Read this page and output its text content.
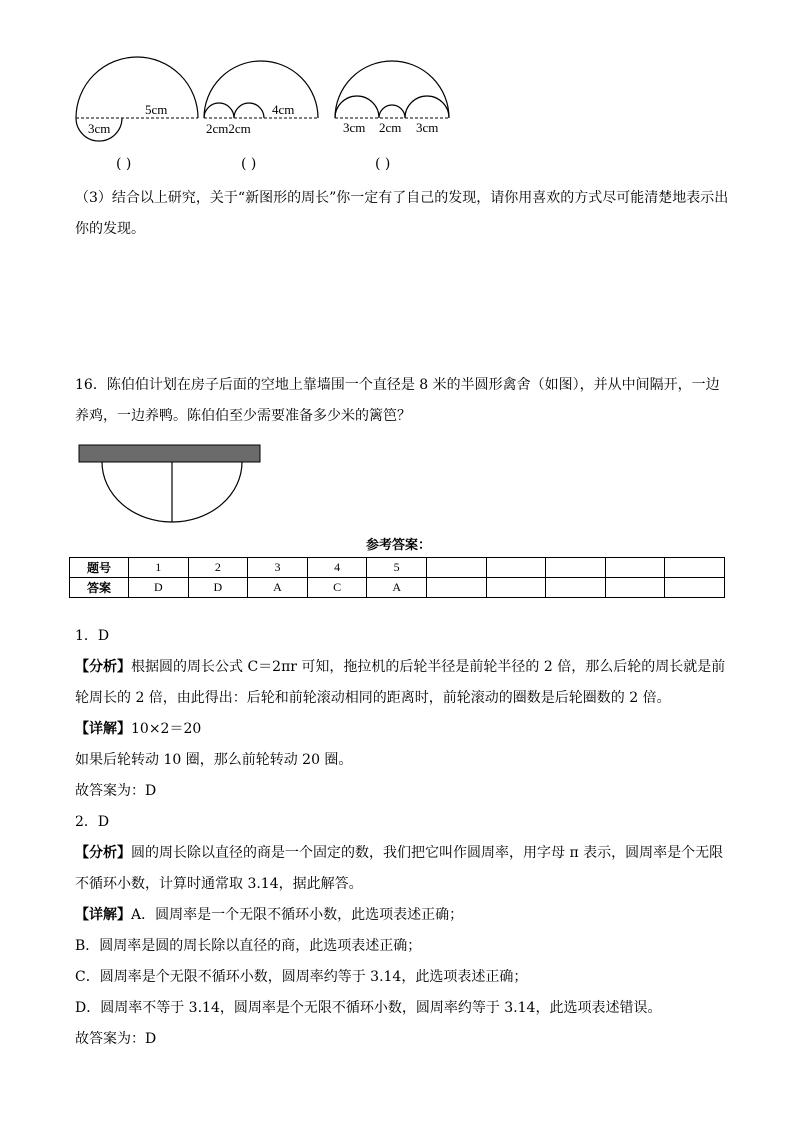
5cm
3cm
4cm
2cm2cm	3cm 2cm 3cm
( )	( )	( )
（3）结合以上研究，关于“新图形的周长”你一定有了自己的发现，请你用喜欢的方式尽可能清楚地表示出
你的发现。
16．陈伯伯计划在房子后面的空地上靠墙围一个直径是 8 米的半圆形禽舍（如图），并从中间隔开，一边
养鸡，一边养鸭。陈伯伯至少需要准备多少米的篱笆？
参考答案：
题号	1	2	3	4	5					
答案	D	D	A	C	A					
1．D
【分析】根据圆的周长公式 C＝2πr 可知，拖拉机的后轮半径是前轮半径的 2 倍，那么后轮的周长就是前
轮周长的 2 倍，由此得出：后轮和前轮滚动相同的距离时，前轮滚动的圈数是后轮圈数的 2 倍。
【详解】10×2＝20
如果后轮转动 10 圈，那么前轮转动 20 圈。
故答案为：D
2．D
【分析】圆的周长除以直径的商是一个固定的数，我们把它叫作圆周率，用字母 π 表示，圆周率是个无限
不循环小数，计算时通常取 3.14，据此解答。
【详解】A．圆周率是一个无限不循环小数，此选项表述正确；
B．圆周率是圆的周长除以直径的商，此选项表述正确；
C．圆周率是个无限不循环小数，圆周率约等于 3.14，此选项表述正确；
D．圆周率不等于 3.14，圆周率是个无限不循环小数，圆周率约等于 3.14，此选项表述错误。
故答案为：D
